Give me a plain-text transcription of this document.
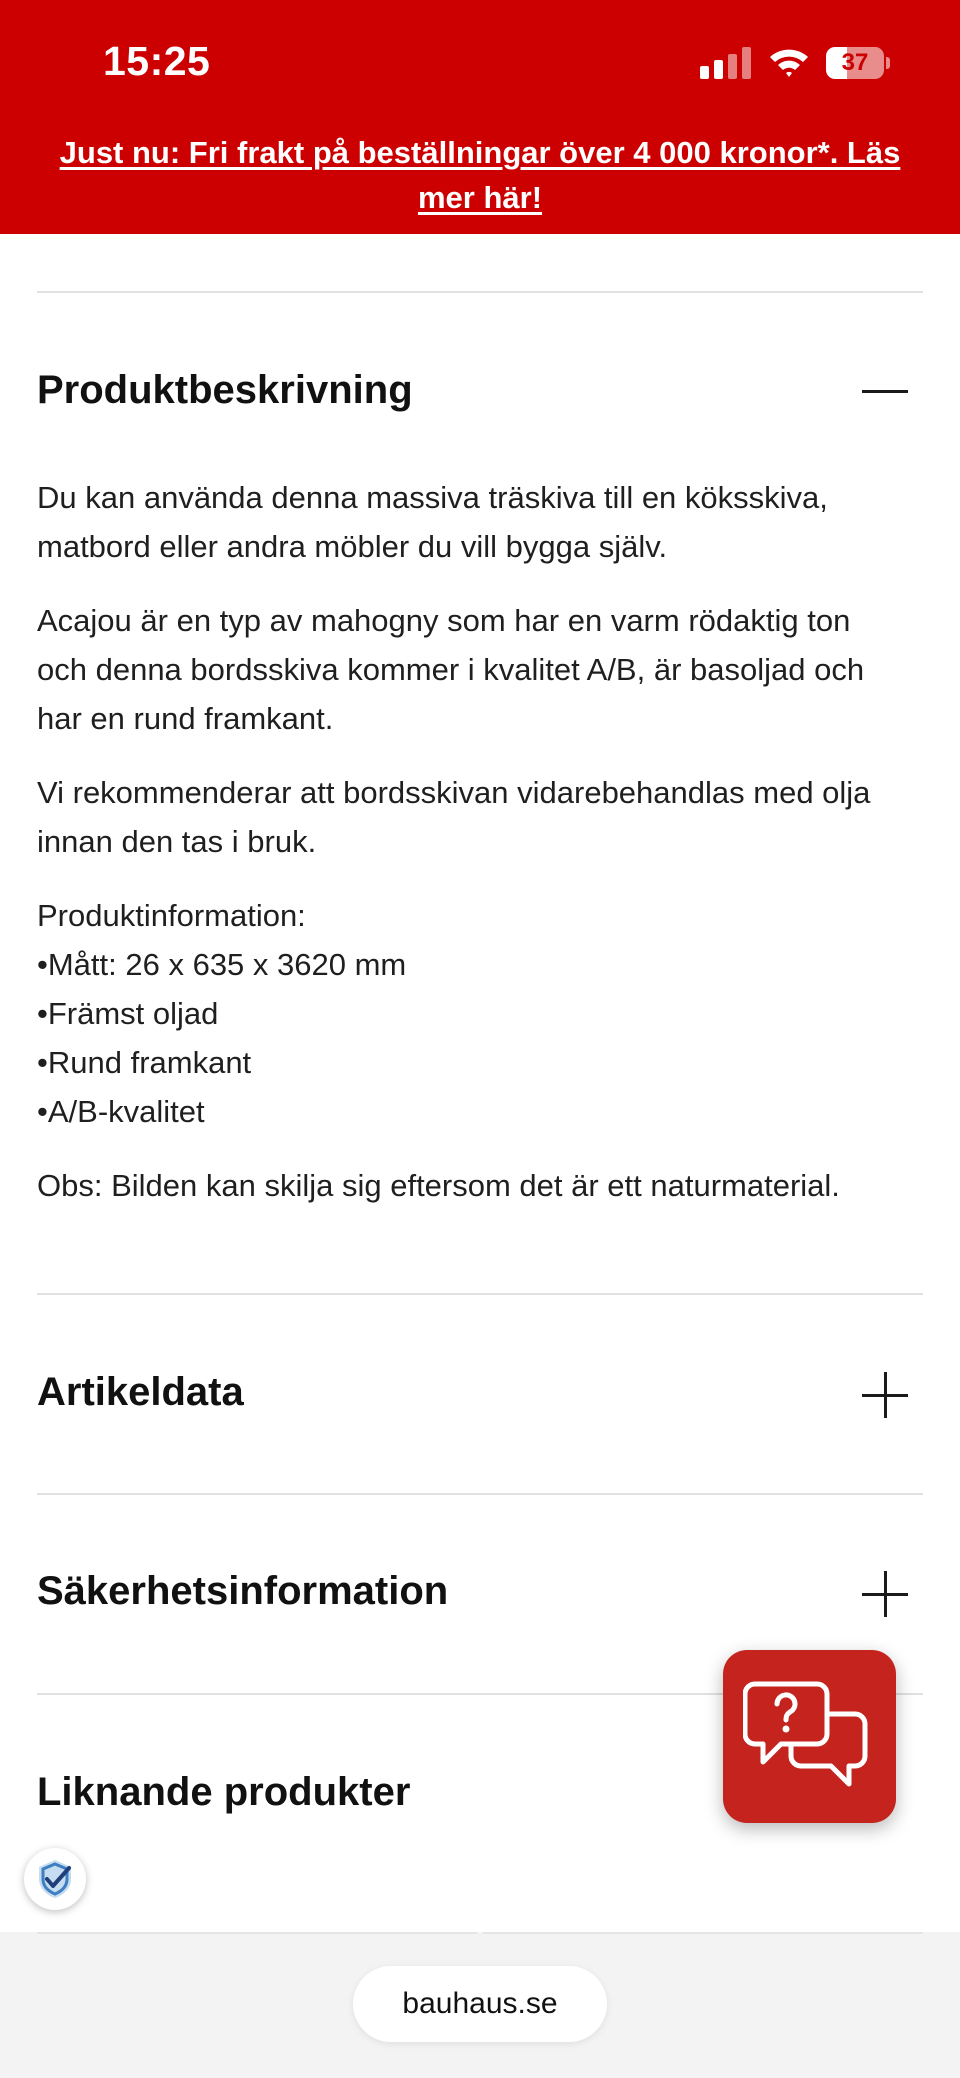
15:25	37
Just nu: Fri frakt på beställningar över 4 000 kronor*. Läs mer här!
Produktbeskrivning

Du kan använda denna massiva träskiva till en köksskiva,
matbord eller andra möbler du vill bygga själv.

Acajou är en typ av mahogny som har en varm rödaktig ton
och denna bordsskiva kommer i kvalitet A/B, är basoljad och
har en rund framkant.

Vi rekommenderar att bordsskivan vidarebehandlas med olja
innan den tas i bruk.

Produktinformation:
•Mått: 26 x 635 x 3620 mm
•Främst oljad
•Rund framkant
•A/B-kvalitet

Obs: Bilden kan skilja sig eftersom det är ett naturmaterial.

Artikeldata
Säkerhetsinformation
Liknande produkter
bauhaus.se
